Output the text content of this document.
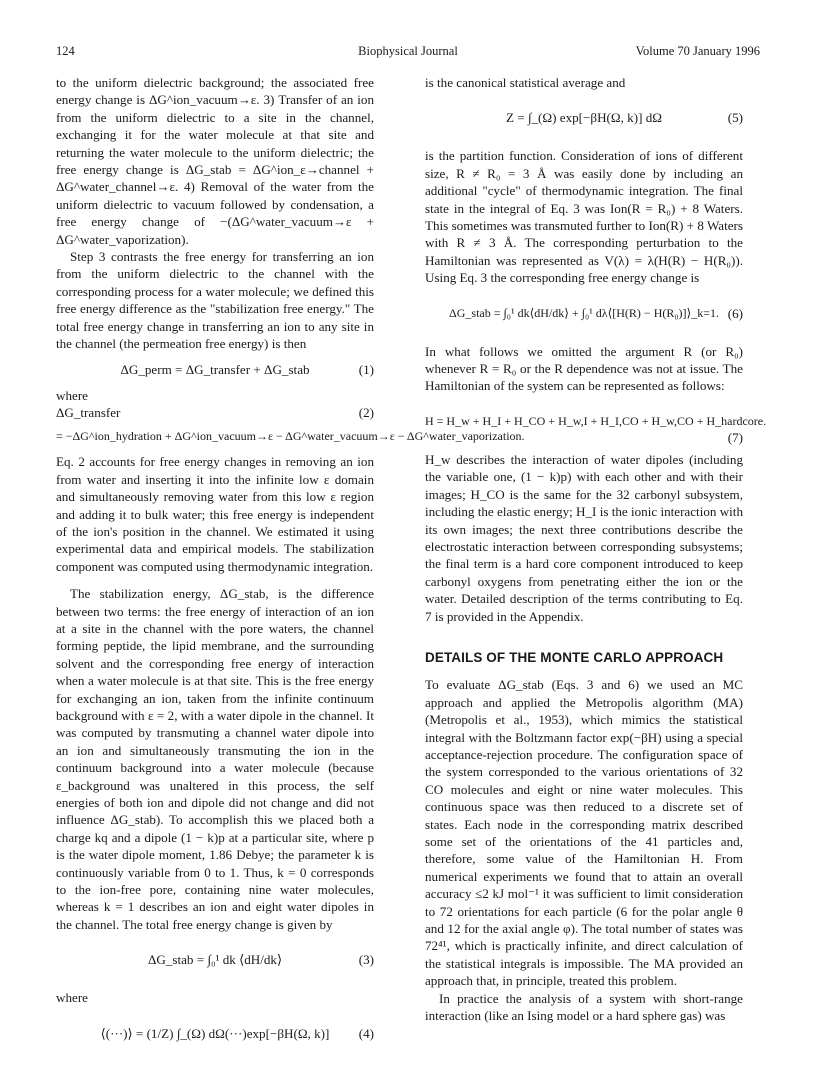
124	Biophysical Journal	Volume 70 January 1996

to the uniform dielectric background; the associated free energy change is ΔG^ion_vacuum→ε. 3) Transfer of an ion from the uniform dielectric to a site in the channel, exchanging it for the water molecule at that site and returning the water molecule to the uniform dielectric; the free energy change is ΔG_stab = ΔG^ion_ε→channel + ΔG^water_channel→ε. 4) Removal of the water from the uniform dielectric to vacuum followed by condensation, a free energy change of −(ΔG^water_vacuum→ε + ΔG^water_vaporization).

Step 3 contrasts the free energy for transferring an ion from the uniform dielectric to the channel with the corresponding process for a water molecule; we defined this free energy difference as the "stabilization free energy." The total free energy change in transferring an ion to any site in the channel (the permeation free energy) is then

ΔG_perm = ΔG_transfer + ΔG_stab	(1)

where

ΔG_transfer	(2)
= −ΔG^ion_hydration + ΔG^ion_vacuum→ε − ΔG^water_vacuum→ε − ΔG^water_vaporization.

Eq. 2 accounts for free energy changes in removing an ion from water and inserting it into the infinite low ε domain and simultaneously removing water from this low ε region and adding it to bulk water; this free energy is independent of the ion's position in the channel. We estimated it using experimental data and empirical models. The stabilization component was computed using thermodynamic integration.

The stabilization energy, ΔG_stab, is the difference between two terms: the free energy of interaction of an ion at a site in the channel with the pore waters, the channel forming peptide, the lipid membrane, and the surrounding solvent and the corresponding free energy of interaction when a water molecule is at that site. This is the free energy for exchanging an ion, taken from the infinite continuum background with ε = 2, with a water dipole in the channel. It was computed by transmuting a channel water dipole into an ion and simultaneously transmuting the ion in the continuum background into a water molecule (because ε_background was unaltered in this process, the self energies of both ion and dipole did not change and did not influence ΔG_stab). To accomplish this we placed both a charge kq and a dipole (1 − k)p at a particular site, where p is the water dipole moment, 1.86 Debye; the parameter k is continuously variable from 0 to 1. Thus, k = 0 corresponds to the ion-free pore, containing nine water molecules, whereas k = 1 describes an ion and eight water dipoles in the channel. The total free energy change is given by

ΔG_stab = ∫₀¹ dk ⟨dH/dk⟩	(3)

where

⟨(···)⟩ = (1/Z) ∫_(Ω) dΩ(···)exp[−βH(Ω, k)]	(4)

is the canonical statistical average and

Z = ∫_(Ω) exp[−βH(Ω, k)] dΩ	(5)

is the partition function. Consideration of ions of different size, R ≠ R₀ = 3 Å was easily done by including an additional "cycle" of thermodynamic integration. The final state in the integral of Eq. 3 was Ion(R = R₀) + 8 Waters. This sometimes was transmuted further to Ion(R) + 8 Waters with R ≠ 3 Å. The corresponding perturbation to the Hamiltonian was represented as V(λ) = λ(H(R) − H(R₀)). Using Eq. 3 the corresponding free energy change is

ΔG_stab = ∫₀¹ dk⟨dH/dk⟩ + ∫₀¹ dλ⟨[H(R) − H(R₀)]⟩_k=1. (6)

In what follows we omitted the argument R (or R₀) whenever R = R₀ or the R dependence was not at issue. The Hamiltonian of the system can be represented as follows:

H = H_w + H_I + H_CO + H_w,I + H_I,CO + H_w,CO + H_hardcore.
(7)

H_w describes the interaction of water dipoles (including the variable one, (1 − k)p) with each other and with their images; H_CO is the same for the 32 carbonyl subsystem, including the elastic energy; H_I is the ionic interaction with its own images; the next three contributions describe the electrostatic interaction between corresponding subsystems; the final term is a hard core component introduced to keep carbonyl oxygens from penetrating either the ion or the water. Detailed description of the terms contributing to Eq. 7 is provided in the Appendix.

DETAILS OF THE MONTE CARLO APPROACH

To evaluate ΔG_stab (Eqs. 3 and 6) we used an MC approach and applied the Metropolis algorithm (MA) (Metropolis et al., 1953), which mimics the statistical integral with the Boltzmann factor exp(−βH) using a special acceptance-rejection procedure. The configuration space of the system corresponded to the various orientations of 32 CO molecules and eight or nine water molecules. This continuous space was then reduced to a discrete set of states. Each node in the corresponding matrix described some set of the orientations of the 41 particles and, therefore, some value of the Hamiltonian H. From numerical experiments we found that to attain an overall accuracy ≤2 kJ mol⁻¹ it was sufficient to limit consideration to 72 orientations for each particle (6 for the polar angle θ and 12 for the axial angle φ). The total number of states was 72⁴¹, which is practically infinite, and direct calculation of the statistical integrals is impossible. The MA provided an approach that, in principle, treated this problem.

In practice the analysis of a system with short-range interaction (like an Ising model or a hard sphere gas) was
